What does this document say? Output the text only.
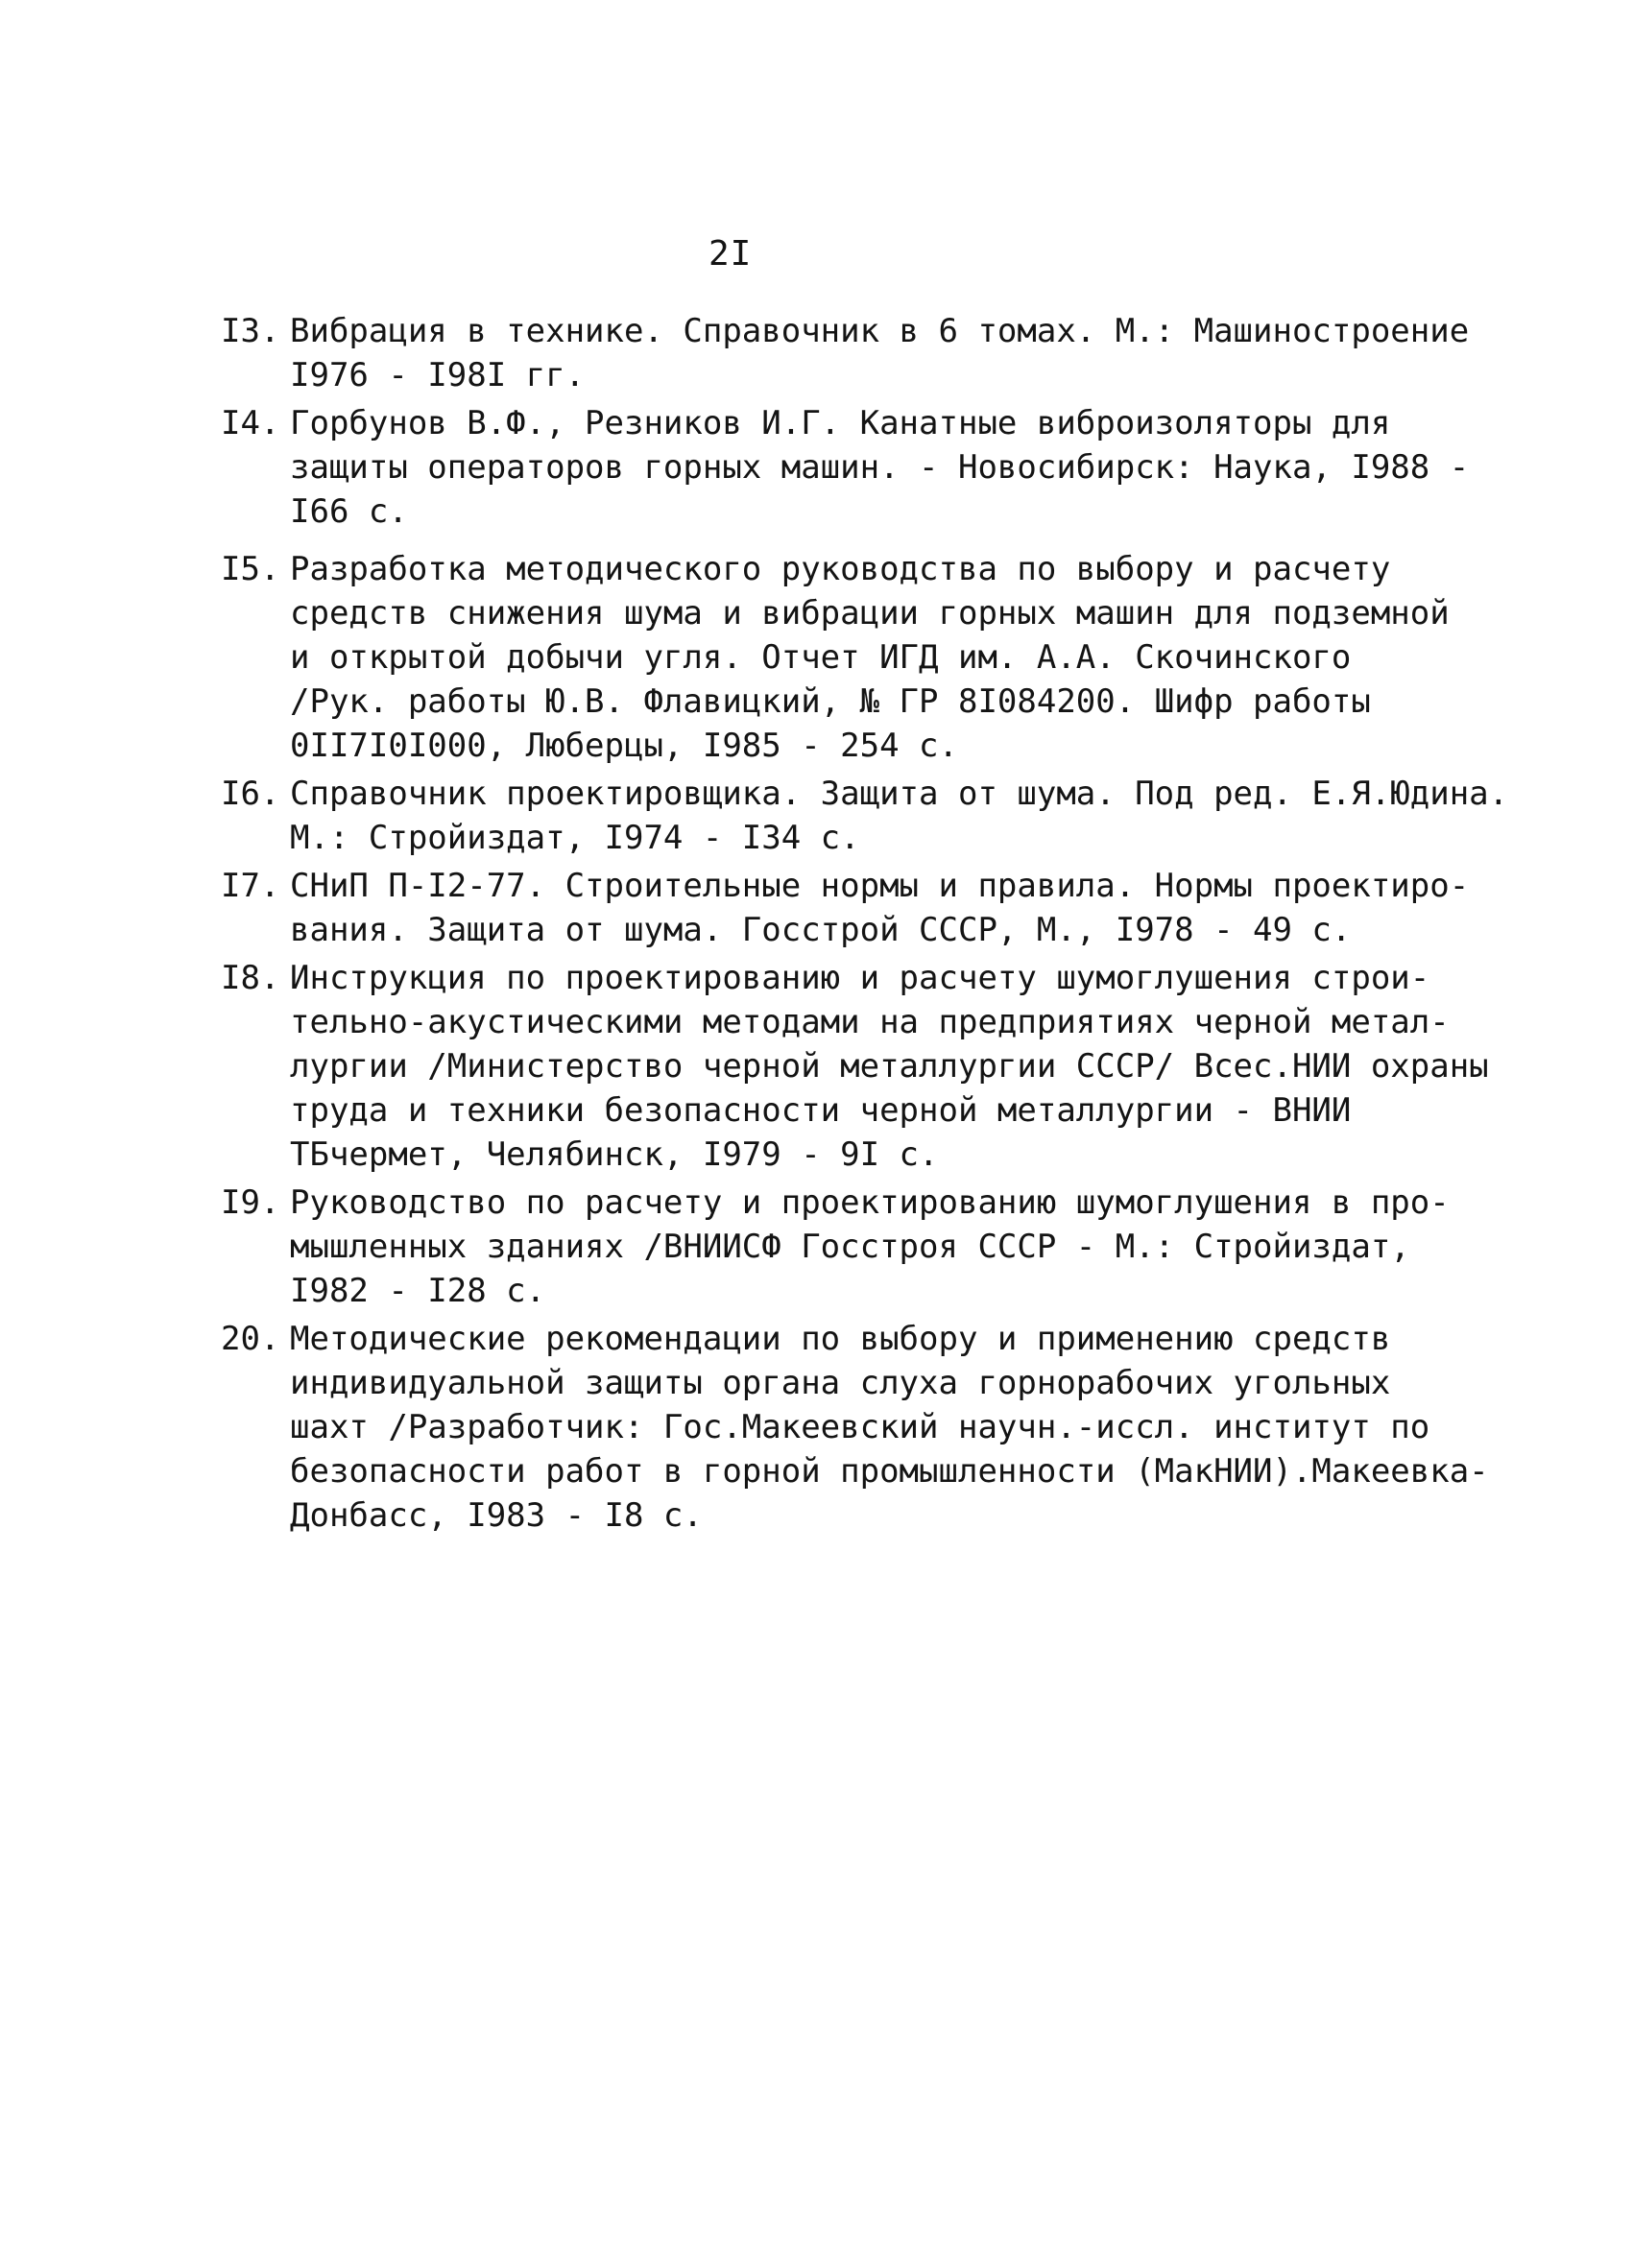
2I
I3. Вибрация в технике. Справочник в 6 томах. М.: Машиностроение
I976 - I98I гг.
I4. Горбунов В.Ф., Резников И.Г. Канатные виброизоляторы для
защиты операторов горных машин. - Новосибирск: Наука, I988 -
I66 с.
I5. Разработка методического руководства по выбору и расчету
средств снижения шума и вибрации горных машин для подземной
и открытой добычи угля. Отчет ИГД им. А.А. Скочинского
/Рук. работы Ю.В. Флавицкий, № ГР 8I084200. Шифр работы
0II7I0I000, Люберцы, I985 - 254 с.
I6. Справочник проектировщика. Защита от шума. Под ред. Е.Я.Юдина.
М.: Стройиздат, I974 - I34 с.
I7. СНиП П-I2-77. Строительные нормы и правила. Нормы проектиро-
вания. Защита от шума. Госстрой СССР, М., I978 - 49 с.
I8. Инструкция по проектированию и расчету шумоглушения строи-
тельно-акустическими методами на предприятиях черной метал-
лургии /Министерство черной металлургии СССР/ Всес.НИИ охраны
труда и техники безопасности черной металлургии - ВНИИ
ТБчермет, Челябинск, I979 - 9I с.
I9. Руководство по расчету и проектированию шумоглушения в про-
мышленных зданиях /ВНИИСФ Госстроя СССР - М.: Стройиздат,
I982 - I28 с.
20. Методические рекомендации по выбору и применению средств
индивидуальной защиты органа слуха горнорабочих угольных
шахт /Разработчик: Гос.Макеевский научн.-иссл. институт по
безопасности работ в горной промышленности (МакНИИ).Макеевка-
Донбасс, I983 - I8 с.
